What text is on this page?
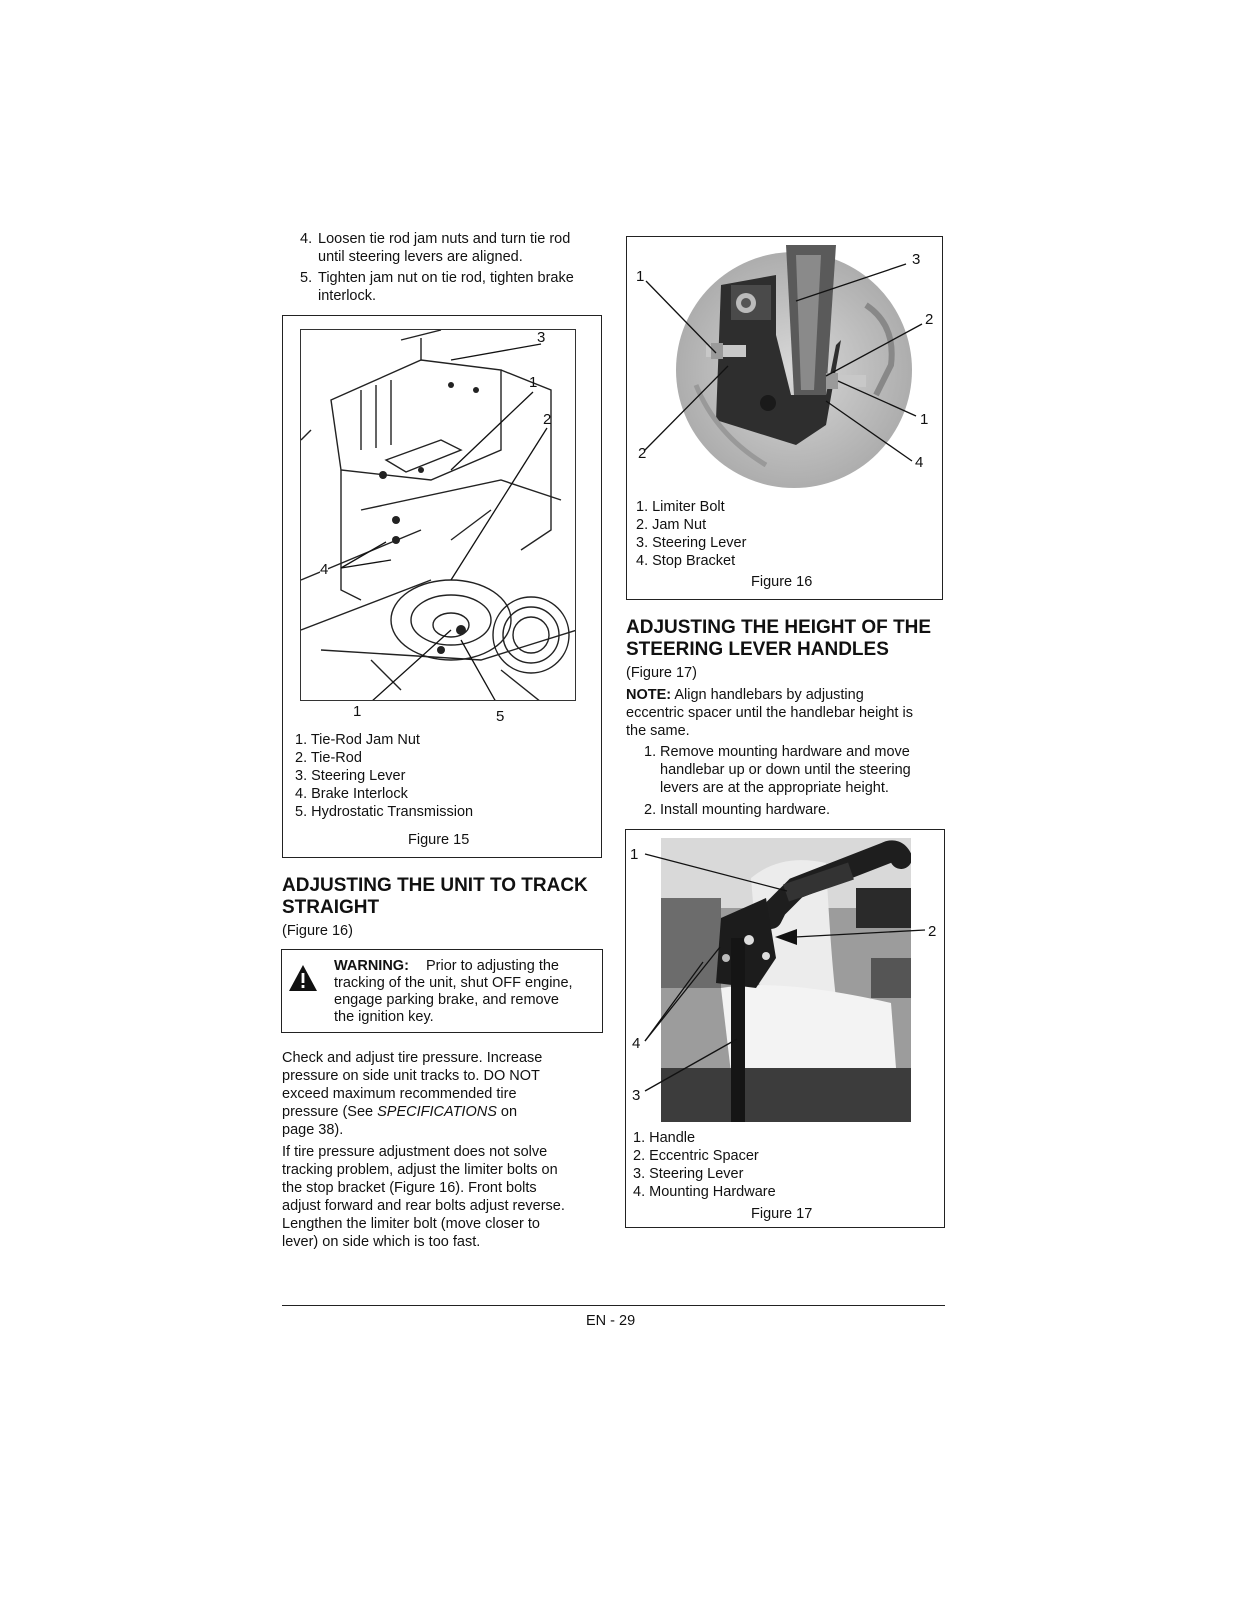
4. Loosen tie rod jam nuts and turn tie rod
until steering levers are aligned.
5. Tighten jam nut on tie rod, tighten brake
interlock.
3
1
2
4
1	5
1. Tie-Rod Jam Nut
2. Tie-Rod
3. Steering Lever
4. Brake Interlock
5. Hydrostatic Transmission
Figure 15
ADJUSTING THE UNIT TO TRACK
STRAIGHT
(Figure 16)
WARNING: Prior to adjusting the
tracking of the unit, shut OFF engine,
engage parking brake, and remove
the ignition key.
Check and adjust tire pressure. Increase
pressure on side unit tracks to. DO NOT
exceed maximum recommended tire
pressure (See SPECIFICATIONS on
page 38).
If tire pressure adjustment does not solve
tracking problem, adjust the limiter bolts on
the stop bracket (Figure 16). Front bolts
adjust forward and rear bolts adjust reverse.
Lengthen the limiter bolt (move closer to
lever) on side which is too fast.
3
1
2
1
2
4
1. Limiter Bolt
2. Jam Nut
3. Steering Lever
4. Stop Bracket
Figure 16
ADJUSTING THE HEIGHT OF THE
STEERING LEVER HANDLES
(Figure 17)
NOTE: Align handlebars by adjusting
eccentric spacer until the handlebar height is
the same.
1. Remove mounting hardware and move
handlebar up or down until the steering
levers are at the appropriate height.
2. Install mounting hardware.
1
2
4
3
1. Handle
2. Eccentric Spacer
3. Steering Lever
4. Mounting Hardware
Figure 17
EN - 29
